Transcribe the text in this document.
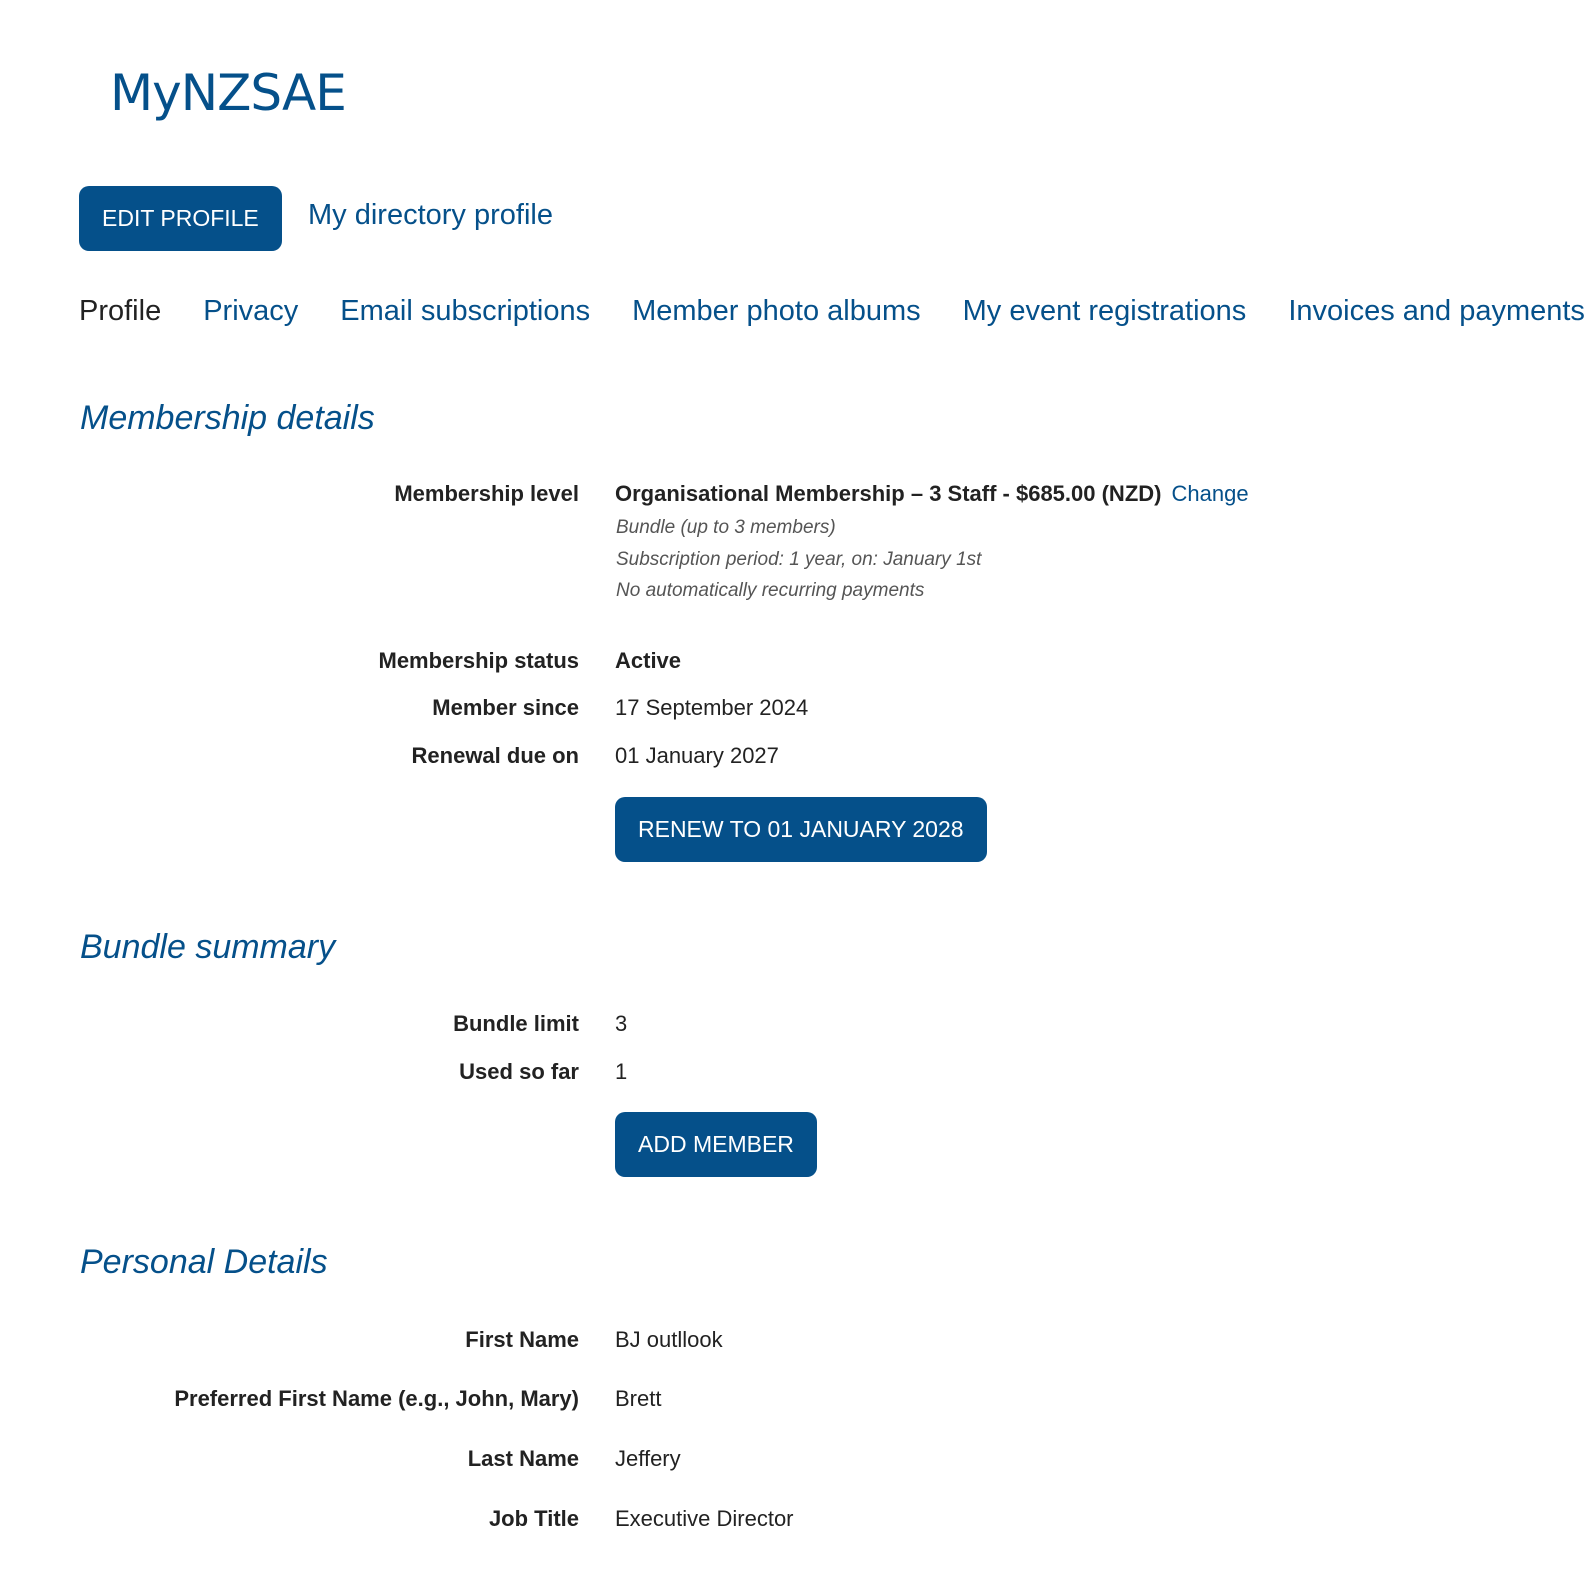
MyNZSAE
EDIT PROFILE	My directory profile
Profile Privacy Email subscriptions Member photo albums My event registrations Invoices and payments
Membership details
Membership level Organisational Membership – 3 Staff - $685.00 (NZD) Change
Bundle (up to 3 members)
Subscription period: 1 year, on: January 1st
No automatically recurring payments
Membership status Active
Member since 17 September 2024
Renewal due on 01 January 2027
RENEW TO 01 JANUARY 2028
Bundle summary
Bundle limit 3
Used so far 1
ADD MEMBER
Personal Details
First Name BJ outllook
Preferred First Name (e.g., John, Mary) Brett
Last Name Jeffery
Job Title Executive Director
